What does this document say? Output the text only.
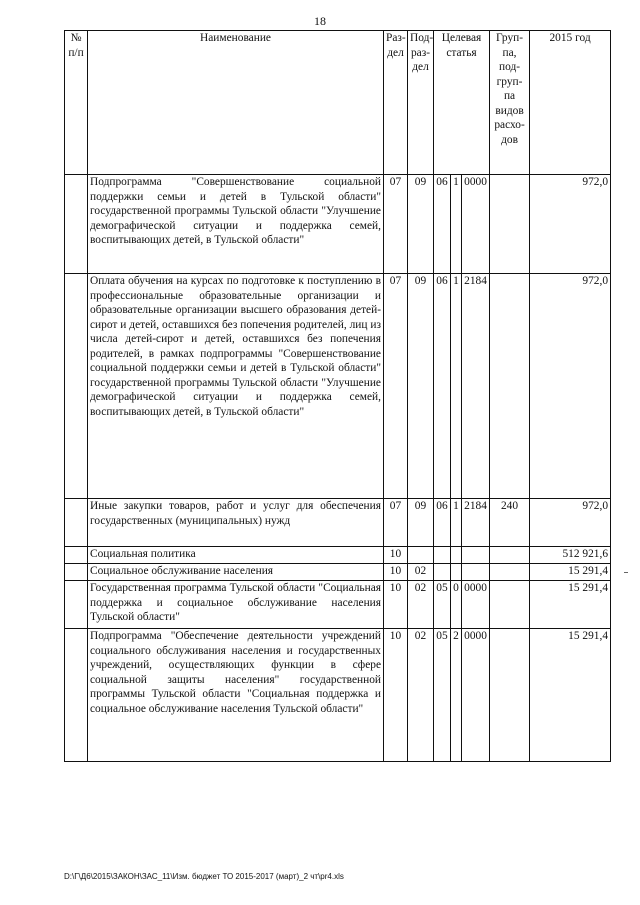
18
№ п/п	Наименование	Раз-дел	Под-раз-дел	Целевая статья			Груп-па, под-груп-па видов расхо-дов	2015 год
	Подпрограмма "Совершенствование социальной поддержки семьи и детей в Тульской области" государственной программы Тульской области "Улучшение демографической ситуации и поддержка семей, воспитывающих детей, в Тульской области"	07	09	06	1	0000		972,0
	Оплата обучения на курсах по подготовке к поступлению в профессиональные образовательные организации и образовательные организации высшего образования детей-сирот и детей, оставшихся без попечения родителей, лиц из числа детей-сирот и детей, оставшихся без попечения родителей, в рамках подпрограммы "Совершенствование социальной поддержки семьи и детей в Тульской области" государственной программы Тульской области "Улучшение демографической ситуации и поддержка семей, воспитывающих детей, в Тульской области"	07	09	06	1	2184		972,0
	Иные закупки товаров, работ и услуг для обеспечения государственных (муниципальных) нужд	07	09	06	1	2184	240	972,0
	Социальная политика	10						512 921,6
	Социальное обслуживание населения	10	02					15 291,4
	Государственная программа Тульской области "Социальная поддержка и социальное обслуживание населения Тульской области"	10	02	05	0	0000		15 291,4
	Подпрограмма "Обеспечение деятельности учреждений социального обслуживания населения и государственных учреждений, осуществляющих функции в сфере социальной защиты населения" государственной программы Тульской области "Социальная поддержка и социальное обслуживание населения Тульской области"	10	02	05	2	0000		15 291,4
D:\Г\Д6\2015\ЗАКОН\ЗАС_11\Изм. бюджет ТО 2015-2017 (март)_2 чт\pr4.xls
